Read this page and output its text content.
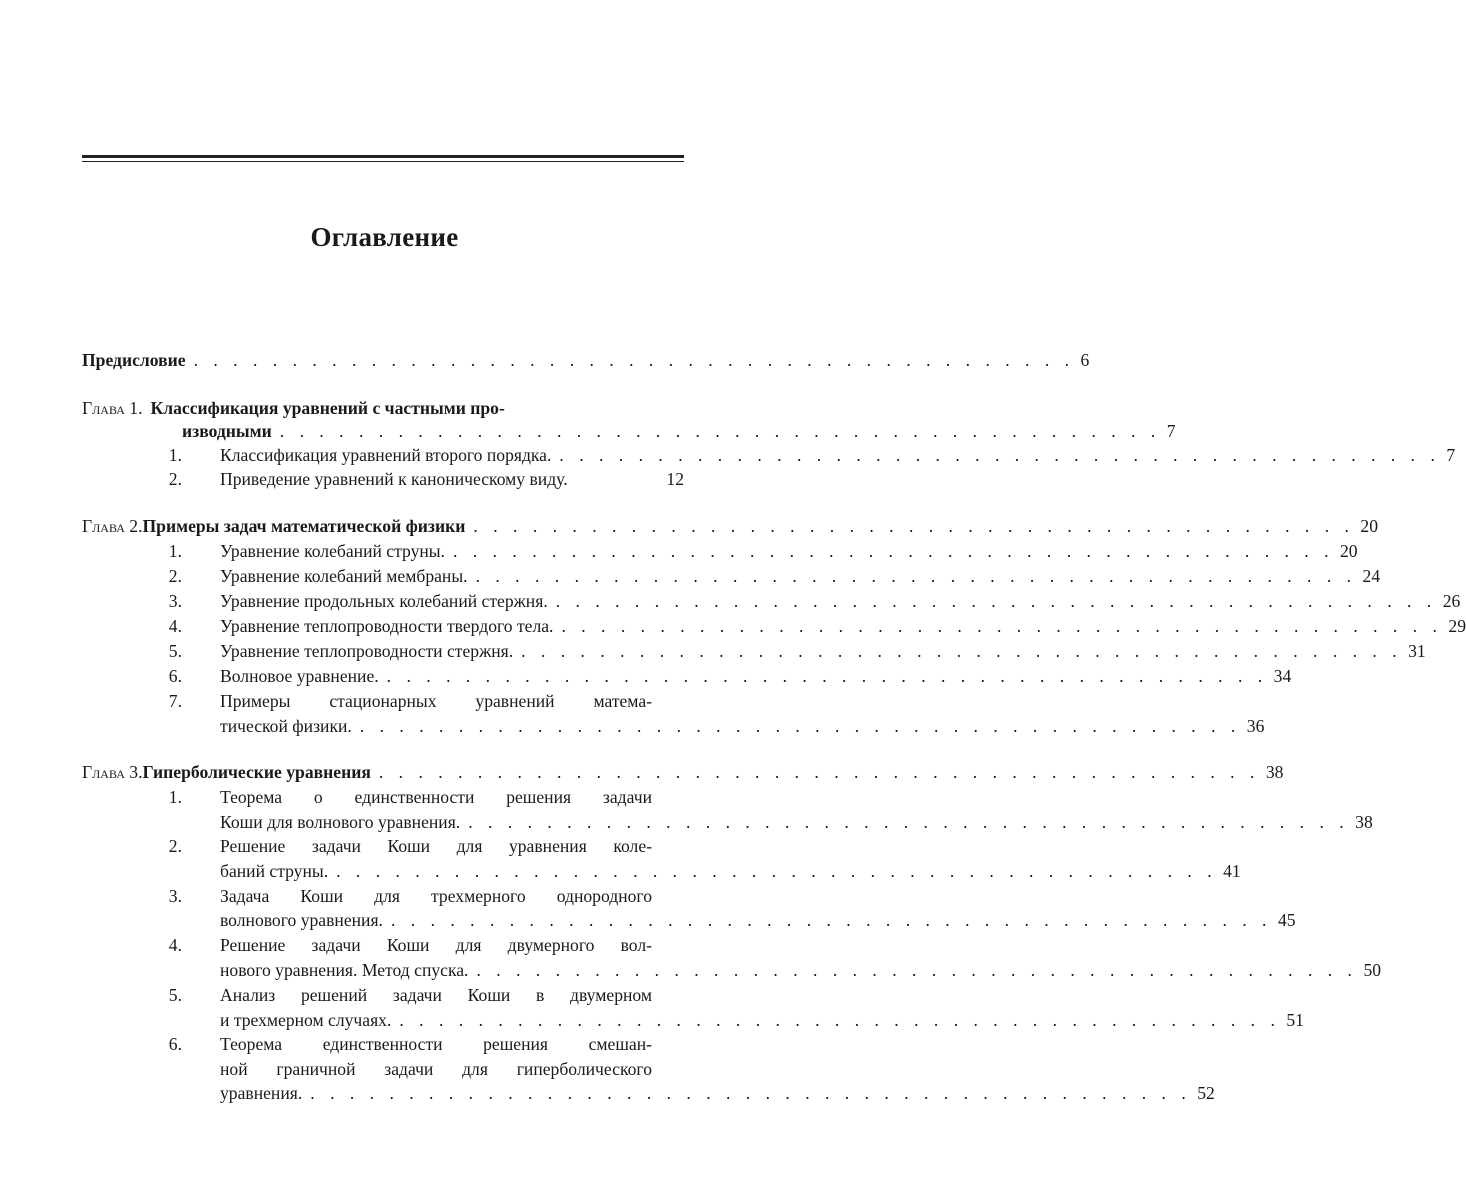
Оглавление
Предисловие . . . . . . . . . . . . . . . . . . . . . . . . . . . . . . . . . . . . . . . . . . . . . 6
Глава 1. Классификация уравнений с частными про-
изводными . . . . . . . . . . . . . . . . . . . . . . . . . . . . . . . . . . . . . . . . . . . . . 7
1. Классификация уравнений второго порядка. . . . . . . . . . . . . . . . . . . . . . . . . . . . . . . . . . . . . . . . . . . . . . 7
2. Приведение уравнений к каноническому виду.	12
Глава 2. Примеры задач математической физики . . . . . . . . . . . . . . . . . . . . . . . . . . . . . . . . . . . . . . . . . . . . . 20
1. Уравнение колебаний струны. . . . . . . . . . . . . . . . . . . . . . . . . . . . . . . . . . . . . . . . . . . . . . 20
2. Уравнение колебаний мембраны. . . . . . . . . . . . . . . . . . . . . . . . . . . . . . . . . . . . . . . . . . . . . . 24
3. Уравнение продольных колебаний стержня. . . . . . . . . . . . . . . . . . . . . . . . . . . . . . . . . . . . . . . . . . . . . . 26
4. Уравнение теплопроводности твердого тела. . . . . . . . . . . . . . . . . . . . . . . . . . . . . . . . . . . . . . . . . . . . . . 29
5. Уравнение теплопроводности стержня. . . . . . . . . . . . . . . . . . . . . . . . . . . . . . . . . . . . . . . . . . . . . . 31
6. Волновое уравнение. . . . . . . . . . . . . . . . . . . . . . . . . . . . . . . . . . . . . . . . . . . . . . 34
7. Примеры стационарных уравнений матема-
тической физики. . . . . . . . . . . . . . . . . . . . . . . . . . . . . . . . . . . . . . . . . . . . . . 36
Глава 3. Гиперболические уравнения . . . . . . . . . . . . . . . . . . . . . . . . . . . . . . . . . . . . . . . . . . . . . 38
1. Теорема о единственности решения задачи
Коши для волнового уравнения. . . . . . . . . . . . . . . . . . . . . . . . . . . . . . . . . . . . . . . . . . . . . . 38
2. Решение задачи Коши для уравнения коле-
баний струны. . . . . . . . . . . . . . . . . . . . . . . . . . . . . . . . . . . . . . . . . . . . . . 41
3. Задача Коши для трехмерного однородного
волнового уравнения. . . . . . . . . . . . . . . . . . . . . . . . . . . . . . . . . . . . . . . . . . . . . . 45
4. Решение задачи Коши для двумерного вол-
нового уравнения. Метод спуска. . . . . . . . . . . . . . . . . . . . . . . . . . . . . . . . . . . . . . . . . . . . . . 50
5. Анализ решений задачи Коши в двумерном
и трехмерном случаях. . . . . . . . . . . . . . . . . . . . . . . . . . . . . . . . . . . . . . . . . . . . . . 51
6. Теорема единственности решения смешан-
ной граничной задачи для гиперболического
уравнения. . . . . . . . . . . . . . . . . . . . . . . . . . . . . . . . . . . . . . . . . . . . . . 52
